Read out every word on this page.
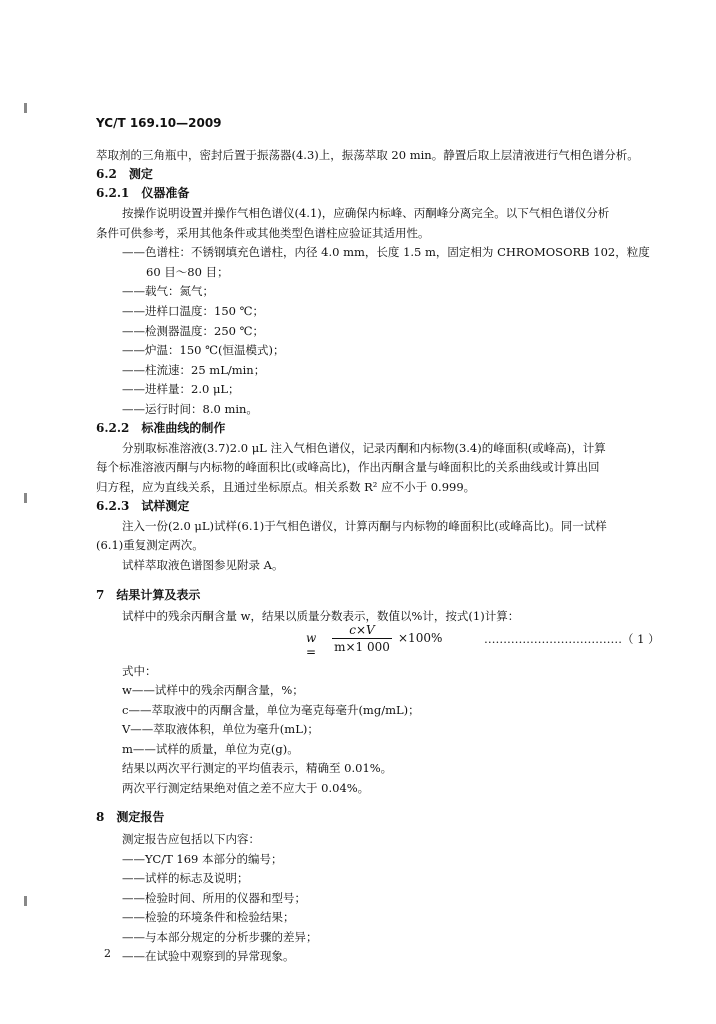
YC/T 169.10—2009
萃取剂的三角瓶中，密封后置于振荡器(4.3)上，振荡萃取 20 min。静置后取上层清液进行气相色谱分析。
6.2　测定
6.2.1　仪器准备
按操作说明设置并操作气相色谱仪(4.1)，应确保内标峰、丙酮峰分离完全。以下气相色谱仪分析
条件可供参考，采用其他条件或其他类型色谱柱应验证其适用性。
——色谱柱：不锈钢填充色谱柱，内径 4.0 mm，长度 1.5 m，固定相为 CHROMOSORB 102，粒度
60 目～80 目；
——载气：氮气；
——进样口温度：150 ℃；
——检测器温度：250 ℃；
——炉温：150 ℃(恒温模式)；
——柱流速：25 mL/min；
——进样量：2.0 μL；
——运行时间：8.0 min。
6.2.2　标准曲线的制作
分别取标准溶液(3.7)2.0 μL 注入气相色谱仪，记录丙酮和内标物(3.4)的峰面积(或峰高)，计算
每个标准溶液丙酮与内标物的峰面积比(或峰高比)，作出丙酮含量与峰面积比的关系曲线或计算出回
归方程，应为直线关系，且通过坐标原点。相关系数 R² 应不小于 0.999。
6.2.3　试样测定
注入一份(2.0 μL)试样(6.1)于气相色谱仪，计算丙酮与内标物的峰面积比(或峰高比)。同一试样
(6.1)重复测定两次。
试样萃取液色谱图参见附录 A。
7　结果计算及表示
试样中的残余丙酮含量 w，结果以质量分数表示，数值以%计，按式(1)计算：
w =
c×V
m×1 000
×100%	………………………………（ 1 ）
式中：
w——试样中的残余丙酮含量，%；
c——萃取液中的丙酮含量，单位为毫克每毫升(mg/mL)；
V——萃取液体积，单位为毫升(mL)；
m——试样的质量，单位为克(g)。
结果以两次平行测定的平均值表示，精确至 0.01%。
两次平行测定结果绝对值之差不应大于 0.04%。
8　测定报告
测定报告应包括以下内容：
——YC/T 169 本部分的编号；
——试样的标志及说明；
——检验时间、所用的仪器和型号；
——检验的环境条件和检验结果；
——与本部分规定的分析步骤的差异；
——在试验中观察到的异常现象。
2
